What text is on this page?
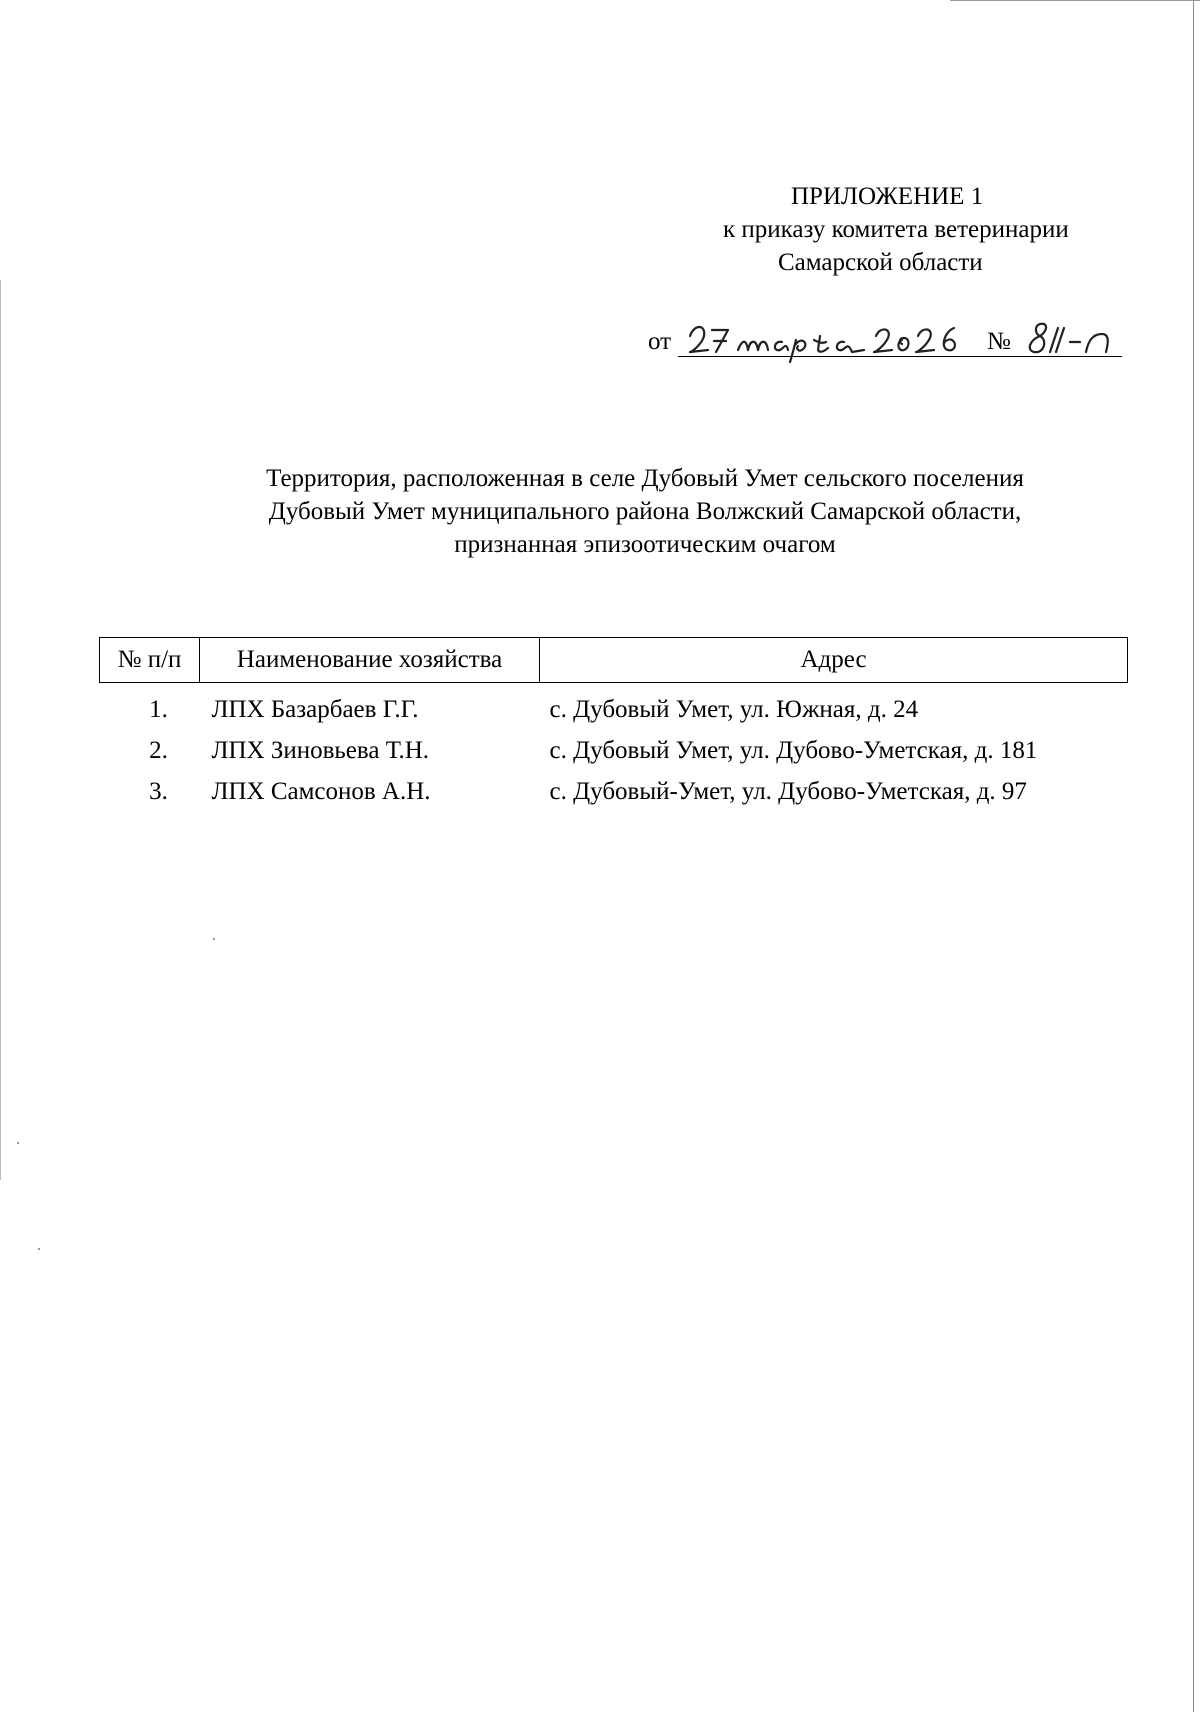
ПРИЛОЖЕНИЕ 1
к приказу комитета ветеринарии
Самарской области
от	№
Территория, расположенная в селе Дубовый Умет сельского поселения
Дубовый Умет муниципального района Волжский Самарской области,
признанная эпизоотическим очагом
№ п/п	Наименование хозяйства	Адрес
1.	ЛПХ Базарбаев Г.Г.	с. Дубовый Умет, ул. Южная, д. 24
2.	ЛПХ Зиновьева Т.Н.	с. Дубовый Умет, ул. Дубово-Уметская, д. 181
3.	ЛПХ Самсонов А.Н.	с. Дубовый-Умет, ул. Дубово-Уметская, д. 97
